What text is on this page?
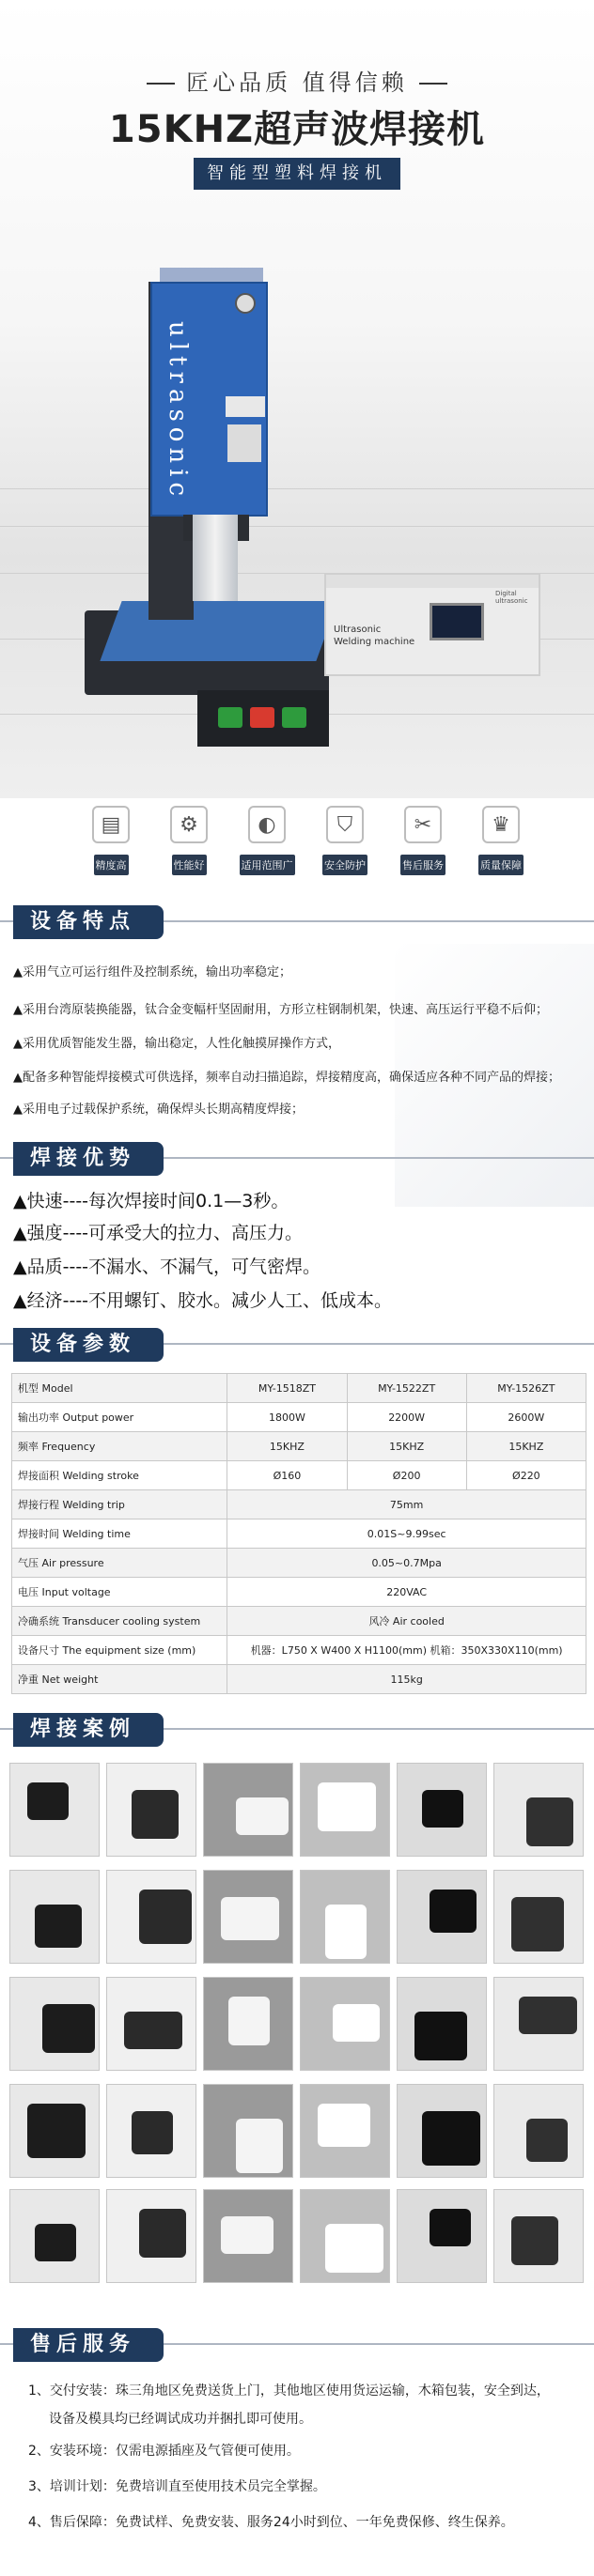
匠心品质 值得信赖
15KHZ超声波焊接机
智能型塑料焊接机
ultrasonic
Digital ultrasonic
Ultrasonic
Welding machine
▤
精度高
⚙
性能好
◐
适用范围广
⛉
安全防护
✂
售后服务
♛
质量保障
设备特点
▲采用气立可运行组件及控制系统，输出功率稳定；
▲采用台湾原装换能器，钛合金变幅杆坚固耐用，方形立柱钢制机架，快速、高压运行平稳不后仰；
▲采用优质智能发生器，输出稳定，人性化触摸屏操作方式，
▲配备多种智能焊接模式可供选择，频率自动扫描追踪，焊接精度高，确保适应各种不同产品的焊接；
▲采用电子过载保护系统，确保焊头长期高精度焊接；
焊接优势
▲快速----每次焊接时间0.1—3秒。
▲强度----可承受大的拉力、高压力。
▲品质----不漏水、不漏气，可气密焊。
▲经济----不用螺钉、胶水。减少人工、低成本。
设备参数
机型 Model	MY-1518ZT	MY-1522ZT	MY-1526ZT
输出功率 Output power	1800W	2200W	2600W
频率 Frequency	15KHZ	15KHZ	15KHZ
焊接面积 Welding stroke	Ø160	Ø200	Ø220
焊接行程 Welding trip	75mm		
焊接时间 Welding time	0.01S~9.99sec		
气压 Air pressure	0.05~0.7Mpa		
电压 Input voltage	220VAC		
冷确系统 Transducer cooling system	风冷 Air cooled		
设备尺寸 The equipment size (mm)	机器：L750 X W400 X H1100(mm) 机箱：350X330X110(mm)		
净重 Net weight	115kg		
焊接案例
售后服务
1、交付安装：珠三角地区免费送货上门，其他地区使用货运运输，木箱包装，安全到达，
设备及模具均已经调试成功并捆扎即可使用。
2、安装环境：仅需电源插座及气管便可使用。
3、培训计划：免费培训直至使用技术员完全掌握。
4、售后保障：免费试样、免费安装、服务24小时到位、一年免费保修、终生保养。
